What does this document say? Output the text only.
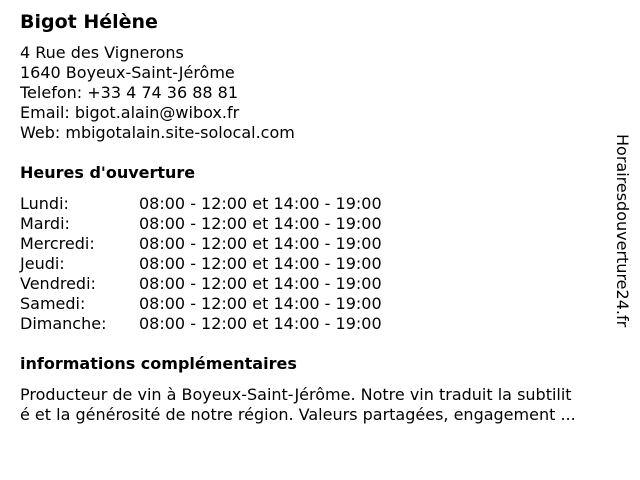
Bigot Hélène
4 Rue des Vignerons
1640 Boyeux-Saint-Jérôme
Telefon: +33 4 74 36 88 81
Email: bigot.alain@wibox.fr
Web: mbigotalain.site-solocal.com
Heures d'ouverture
Lundi:	08:00 - 12:00 et 14:00 - 19:00
Mardi:	08:00 - 12:00 et 14:00 - 19:00
Mercredi:	08:00 - 12:00 et 14:00 - 19:00
Jeudi:	08:00 - 12:00 et 14:00 - 19:00
Vendredi:	08:00 - 12:00 et 14:00 - 19:00
Samedi:	08:00 - 12:00 et 14:00 - 19:00
Dimanche: 08:00 - 12:00 et 14:00 - 19:00
informations complémentaires
Producteur de vin à Boyeux-Saint-Jérôme. Notre vin traduit la subtilit
é et la générosité de notre région. Valeurs partagées, engagement ...
Horairesdouverture24.fr
